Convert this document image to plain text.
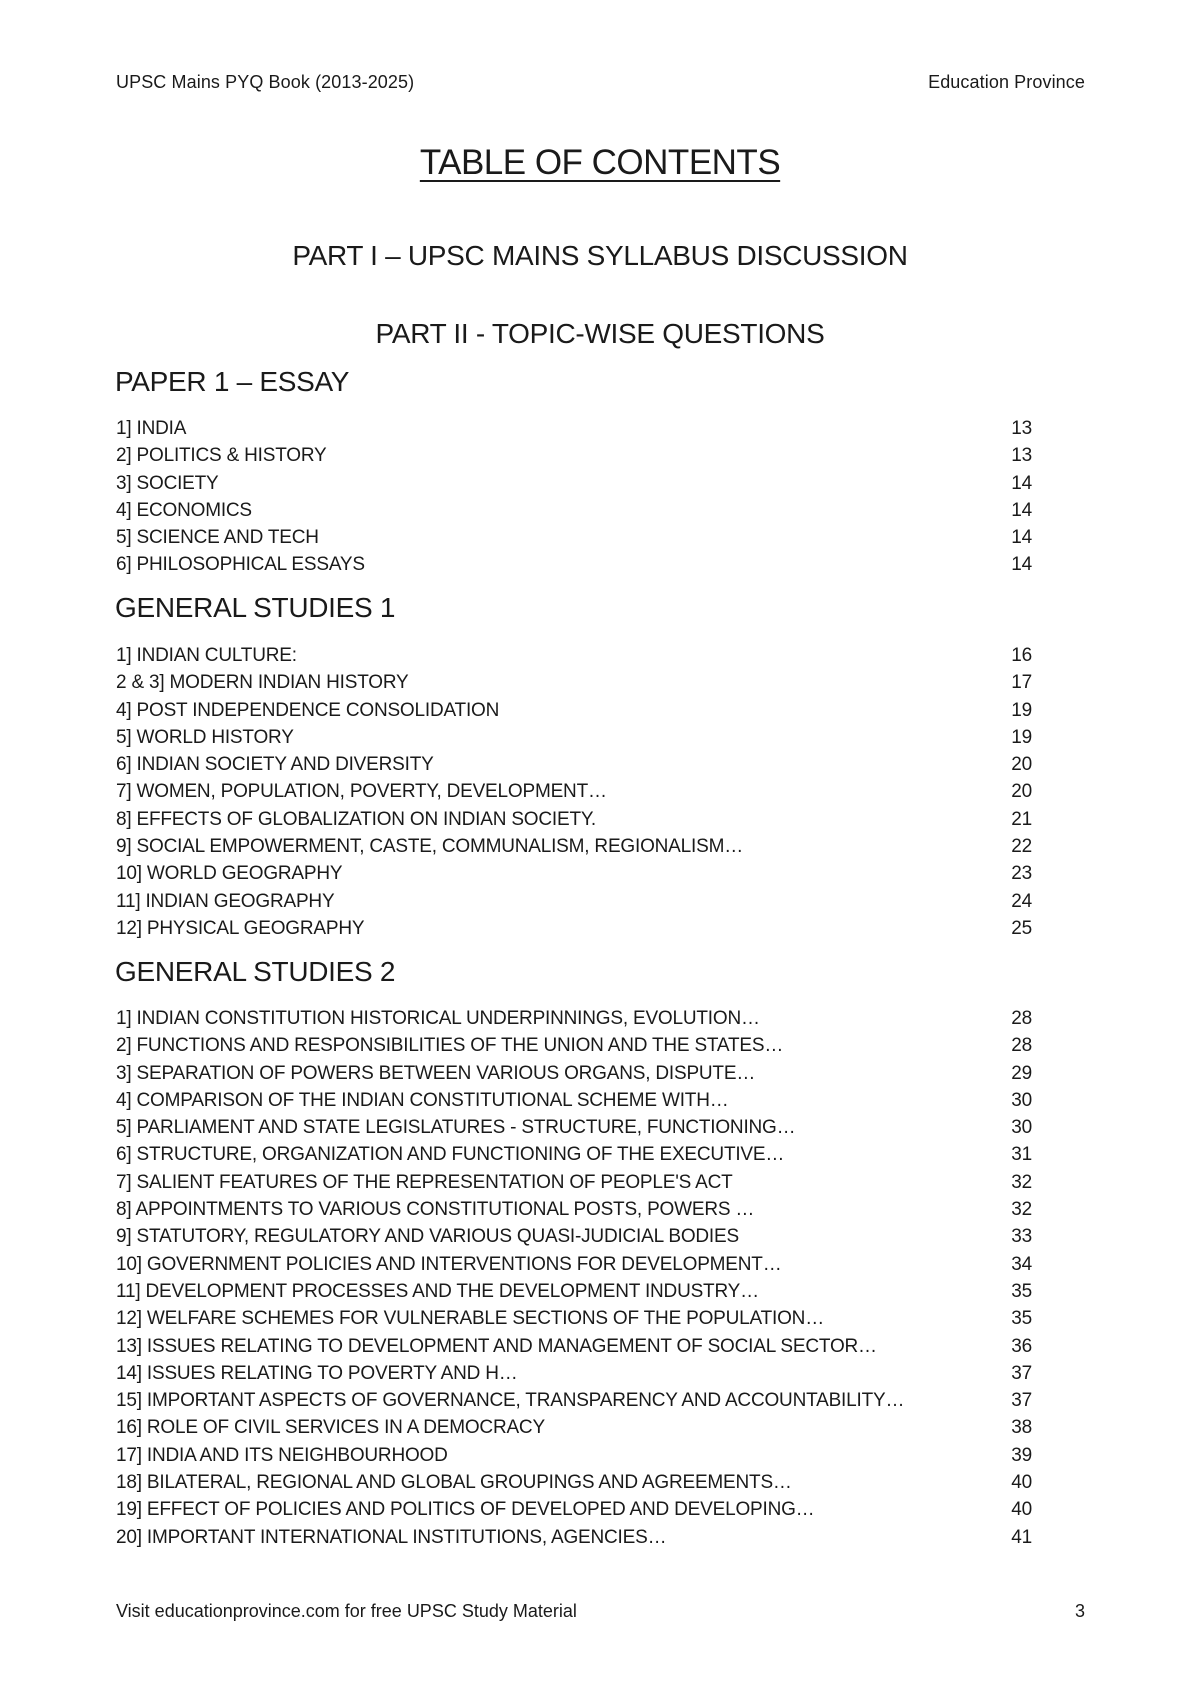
UPSC Mains PYQ Book (2013-2025)	Education Province
TABLE OF CONTENTS
PART I – UPSC MAINS SYLLABUS DISCUSSION
PART II - TOPIC-WISE QUESTIONS
PAPER 1 – ESSAY
1] INDIA	13
2] POLITICS & HISTORY	13
3] SOCIETY	14
4] ECONOMICS	14
5] SCIENCE AND TECH	14
6] PHILOSOPHICAL ESSAYS	14
GENERAL STUDIES 1
1] INDIAN CULTURE:	16
2 & 3] MODERN INDIAN HISTORY	17
4] POST INDEPENDENCE CONSOLIDATION	19
5] WORLD HISTORY	19
6] INDIAN SOCIETY AND DIVERSITY	20
7] WOMEN, POPULATION, POVERTY, DEVELOPMENT…	20
8] EFFECTS OF GLOBALIZATION ON INDIAN SOCIETY.	21
9] SOCIAL EMPOWERMENT, CASTE, COMMUNALISM, REGIONALISM…	22
10] WORLD GEOGRAPHY	23
11] INDIAN GEOGRAPHY	24
12] PHYSICAL GEOGRAPHY	25
GENERAL STUDIES 2
1] INDIAN CONSTITUTION HISTORICAL UNDERPINNINGS, EVOLUTION…	28
2] FUNCTIONS AND RESPONSIBILITIES OF THE UNION AND THE STATES…	28
3] SEPARATION OF POWERS BETWEEN VARIOUS ORGANS, DISPUTE…	29
4] COMPARISON OF THE INDIAN CONSTITUTIONAL SCHEME WITH…	30
5] PARLIAMENT AND STATE LEGISLATURES - STRUCTURE, FUNCTIONING…	30
6] STRUCTURE, ORGANIZATION AND FUNCTIONING OF THE EXECUTIVE…	31
7] SALIENT FEATURES OF THE REPRESENTATION OF PEOPLE'S ACT	32
8] APPOINTMENTS TO VARIOUS CONSTITUTIONAL POSTS, POWERS …	32
9] STATUTORY, REGULATORY AND VARIOUS QUASI-JUDICIAL BODIES	33
10] GOVERNMENT POLICIES AND INTERVENTIONS FOR DEVELOPMENT…	34
11] DEVELOPMENT PROCESSES AND THE DEVELOPMENT INDUSTRY…	35
12] WELFARE SCHEMES FOR VULNERABLE SECTIONS OF THE POPULATION…	35
13] ISSUES RELATING TO DEVELOPMENT AND MANAGEMENT OF SOCIAL SECTOR…	36
14] ISSUES RELATING TO POVERTY AND H…	37
15] IMPORTANT ASPECTS OF GOVERNANCE, TRANSPARENCY AND ACCOUNTABILITY…	37
16] ROLE OF CIVIL SERVICES IN A DEMOCRACY	38
17] INDIA AND ITS NEIGHBOURHOOD	39
18] BILATERAL, REGIONAL AND GLOBAL GROUPINGS AND AGREEMENTS…	40
19] EFFECT OF POLICIES AND POLITICS OF DEVELOPED AND DEVELOPING…	40
20] IMPORTANT INTERNATIONAL INSTITUTIONS, AGENCIES…	41
Visit educationprovince.com for free UPSC Study Material	3
